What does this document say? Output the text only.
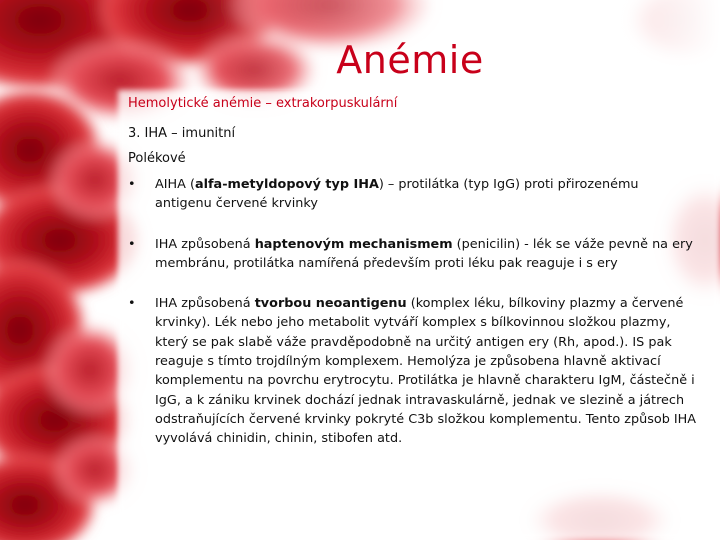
Anémie
Hemolytické anémie – extrakorpuskulární
3. IHA – imunitní
Polékové
•	AIHA (alfa-metyldopový typ IHA) – protilátka (typ IgG) proti přirozenému antigenu červené krvinky
•	IHA způsobená haptenovým mechanismem (penicilin) - lék se váže pevně na ery membránu, protilátka namířená především proti léku pak reaguje i s ery
•	IHA způsobená tvorbou neoantigenu (komplex léku, bílkoviny plazmy a červené krvinky). Lék nebo jeho metabolit vytváří komplex s bílkovinnou složkou plazmy, který se pak slabě váže pravděpodobně na určitý antigen ery (Rh, apod.). IS pak reaguje s tímto trojdílným komplexem. Hemolýza je způsobena hlavně aktivací komplementu na povrchu erytrocytu. Protilátka je hlavně charakteru IgM, částečně i IgG, a k zániku krvinek dochází jednak intravaskulárně, jednak ve slezině a játrech odstraňujících červené krvinky pokryté C3b složkou komplementu. Tento způsob IHA vyvolává chinidin, chinin, stibofen atd.
